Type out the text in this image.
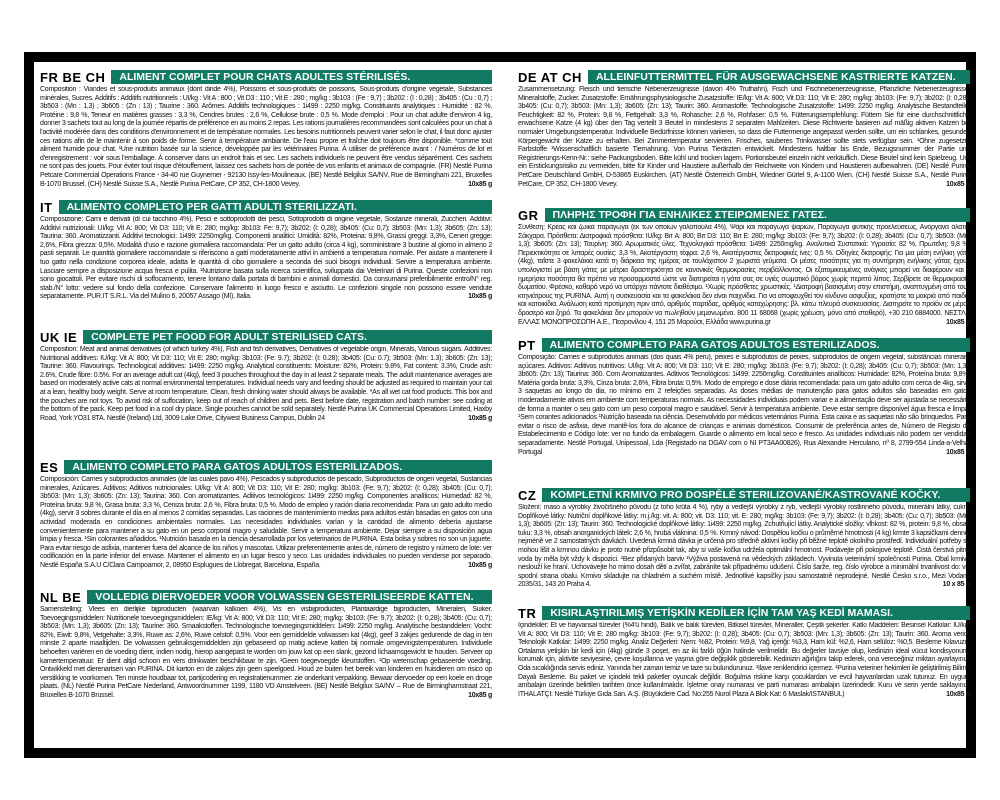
FR BE CH	ALIMENT COMPLET POUR CHATS ADULTES STÉRILISÉS.
Composition : Viandes et sous-produits animaux (dont dinde 4%), Poissons et sous-produits de poissons, Sous-produits d'origine végétale, Substances minérales, Sucres. Additifs : Additifs nutritionnels : UI/kg : Vit A : 800 ; Vit D3 : 110 ; Vit E : 280 ; mg/kg : 3b103 : (Fe : 9,7) ; 3b202 : (I : 0,28) ; 3b405 : (Cu : 0,7) ; 3b503 : (Mn : 1,3) ; 3b605 : (Zn : 13) ; Taurine : 360. Arômes. Additifs technologiques : 1i499 : 2250 mg/kg. Constituants analytiques : Humidité : 82 %, Protéine : 9,8 %, Teneur en matières grasses : 3,3 %, Cendres brutes : 2,6 %, Cellulose brute : 0,5 %. Mode d'emploi : Pour un chat adulte d'environ 4 kg, donner 3 sachets tout au long de la journée répartis de préférence en au moins 2 repas. Les rations journalières recommandées sont calculées pour un chat à l'activité modérée dans des conditions d'environnement et de température normales. Les besoins nutritionnels peuvent varier selon le chat, il faut donc ajuster ces rations afin de le maintenir à son poids de forme. Servir à température ambiante. De l'eau propre et fraîche doit toujours être disponible. *comme tout aliment humide pour chat. ¹Une nutrition basée sur la science, développée par les vétérinaires Purina. À utiliser de préférence avant : / Numéros de lot et d'enregistrement : voir sous l'emballage. À conserver dans un endroit frais et sec. Les sachets individuels ne peuvent être vendus séparément. Ces sachets ne sont pas des jouets. Pour éviter tout risque d'étouffement, laissez ces sachets hors de portée de vos enfants et animaux de compagnie. (FR) Nestlé Purina Petcare Commercial Operations France - 34-40 rue Guynemer - 92130 Issy-les-Moulineaux. (BE) Nestlé Belgilux SA/NV, Rue de Birmingham 221, Bruxelles B-1070 Brussel. (CH) Nestlé Suisse S.A., Nestlé Purina PetCare, CP 352, CH-1800 Vevey.	10x85 g
IT	ALIMENTO COMPLETO PER GATTI ADULTI STERILIZZATI.
Composizione: Carni e derivati (di cui tacchino 4%), Pesci e sottoprodotti dei pesci, Sottoprodotti di origine vegetale, Sostanze minerali, Zuccheri. Additivi: Additivi nutrizionali: UI/kg: Vit A: 800; Vit D3: 110; Vit E: 280; mg/kg: 3b103: Fe: 9,7); 3b202: (I: 0,28); 3b405: (Cu: 0,7); 3b503: (Mn: 1,3); 3b605: (Zn: 13); Taurina: 360. Aromatizzanti. Additivi tecnologici: 1i499: 2250mg/kg. Componenti analitici: Umidità: 82%, Proteina: 9,8%, Grassi greggi: 3,3%, Ceneri gregge: 2,6%, Fibra grezza: 0,5%. Modalità d'uso e razione giornaliera raccomandata: Per un gatto adulto (circa 4 kg), somministrare 3 bustine al giorno in almeno 2 pasti separati. Le quantità giornaliere raccomandate si riferiscono a gatti moderatamente attivi in ambienti a temperatura normale. Per aiutare a mantenere il tuo gatto nella condizione corporea ideale, adatta le quantità di cibo giornaliere a seconda dei suoi bisogni individuali. Servire a temperatura ambiente. Lasciare sempre a disposizione acqua fresca e pulita. ¹Nutrizione basata sulla ricerca scientifica, sviluppata dai Veterinari di Purina. Queste confezioni non sono giocattoli. Per evitare rischi di soffocamento, tenere lontano dalla portata di bambini e animali domestici. Da consumarsi preferibilmente entro/N° reg. stab./N° lotto: vedere sul fondo della confezione. Conservare l'alimento in luogo fresco e asciutto. Le confezioni singole non possono essere vendute separatamente. PUR.IT S.R.L. Via del Mulino 6, 20057 Assago (MI), Italia.	10x85 g
UK IE	COMPLETE PET FOOD FOR ADULT STERILISED CATS.
Composition: Meat and animal derivatives (of which turkey 4%), Fish and fish derivatives, Derivatives of vegetable origin, Minerals, Various sugars. Additives: Nutritional additives: IU/kg: Vit A: 800; Vit D3: 110; Vit E: 280; mg/kg: 3b103: (Fe: 9.7); 3b202: (I: 0.28); 3b405: (Cu: 0.7); 3b503: (Mn: 1.3); 3b605: (Zn: 13); Taurine: 360. Flavourings. Technological additives: 1i499: 2250 mg/kg. Analytical constituents: Moisture: 82%, Protein: 9.8%, Fat content: 3.3%, Crude ash: 2.6%, Crude fibre: 0.5%. For an average adult cat (4kg), feed 3 pouches throughout the day in at least 2 separate meals. The adult maintenance averages are based on moderately active cats at normal environmental temperatures. Individual needs vary and feeding should be adjusted as required to maintain your cat at a lean, healthy body weight. Serve at room temperature. Clean, fresh drinking water should always be available. *As all wet cat food products. This box and the pouches are not toys. To avoid risk of suffocation, keep out of reach of children and pets. Best before date, registration and batch number: see coding at the bottom of the pack. Keep pet food in a cool dry place. Single pouches cannot be sold separately. Nestlé Purina UK Commercial Operations Limited, Haxby Road, York YO31 8TA. Nestlé (Ireland) Ltd, 3009 Lake Drive, Citywest Business Campus, Dublin 24	10x85 g
ES	ALIMENTO COMPLETO PARA GATOS ADULTOS ESTERILIZADOS.
Composición: Carnes y subproductos animales (de las cuales pavo 4%), Pescados y subproductos de pescado, Subproductos de origen vegetal, Sustancias minerales, Azúcares. Aditivos: Aditivos nutricionales: UI/kg: Vit A: 800; Vit D3: 110; Vit E: 280; mg/kg: 3b103: (Fe: 9,7); 3b202: (I: 0,28); 3b405: (Cu: 0,7); 3b503: (Mn: 1,3); 3b605: (Zn: 13); Taurina: 360. Con aromatizantes. Aditivos tecnológicos: 1i499: 2250 mg/kg. Componentes analíticos: Humedad: 82 %, Proteína bruta: 9,8 %, Grasa bruta: 3,3 %, Ceniza bruta: 2,6 %, Fibra bruta: 0,5 %. Modo de empleo y ración diaria recomendada: Para un gato adulto medio (4kg), servir 3 sobres durante el día en al menos 2 comidas separadas. Las raciones de mantenimiento medias para adultos están basadas en gatos con una actividad moderada en condiciones ambientales normales. Las necesidades individuales varían y la cantidad de alimento debería ajustarse convenientemente para mantener a su gato en un peso corporal magro y saludable. Servir a temperatura ambiente. Dejar siempre a su disposición agua limpia y fresca. ¹Sin colorantes añadidos. ¹Nutrición basada en la ciencia desarrollada por los veterinarios de PURINA. Esta bolsa y sobres no son un juguete. Para evitar riesgo de asfixia, mantener fuera del alcance de los niños y mascotas. Utilizar preferentemente antes de, número de registro y número de lote: ver codificación en la parte inferior del envase. Mantener el alimento en un lugar fresco y seco. Las unidades individuales no pueden venderse por separado. Nestlé España S.A.U C/Clara Campoamor, 2, 08950 Esplugues de Llobregat, Barcelona, España.	10x85 g
NL BE	VOLLEDIG DIERVOEDER VOOR VOLWASSEN GESTERILISEERDE KATTEN.
Samenstelling: Vlees en dierlijke bijproducten (waarvan kalkoen 4%), Vis en visbijproducten, Plantaardige bijproducten, Mineralen, Suiker. Toevoegingsmiddelen: Nutritionele toevoegingsmiddelen: IE/kg: Vit A: 800; Vit D3: 110; Vit E: 280; mg/kg: 3b103: (Fe: 9,7); 3b202: (I: 0,28); 3b405: (Cu: 0,7); 3b503: (Mn: 1,3); 3b605: (Zn: 13); Taurine: 360. Smaakstoffen. Technologische toevoegingsmiddelen: 1i499: 2250 mg/kg. Analytische bestanddelen: Vocht: 82%, Eiwit: 9,8%, Vetgehalte: 3,3%, Ruwe as: 2,6%, Ruwe celstof: 0,5%. Voor een gemiddelde volwassen kat (4kg), geef 3 zakjes gedurende de dag in ten minste 2 aparte maaltijden. De volwassen gebruiksgemiddelden zijn gebaseerd op matig actieve katten bij normale omgevingstemperaturen. Individuele behoeften variëren en de voeding dient, indien nodig, hierop aangepast te worden om jouw kat op een slank, gezond lichaamsgewicht te houden. Serveer op kamertemperatuur. Er dient altijd schoon en vers drinkwater beschikbaar te zijn. ¹Geen toegevoegde kleurstoffen. ¹Op wetenschap gebaseerde voeding. Ontwikkeld met dierenartsen van PURINA. Dit karton en de zakjes zijn geen speelgoed. Houd ze buiten het bereik van kinderen en huisdieren om risico op verstikking te voorkomen. Ten minste houdbaar tot, partijcodering en registratienummer: zie onderkant verpakking. Bewaar diervoeder op een koele en droge plaats. (NL) Nestlé Purina PetCare Nederland, Antwoordnummer 1199, 1180 VD Amstelveen. (BE) Nestlé Belgilux SA/NV – Rue de Birminghamstraat 221, Bruxelles B-1070 Brussel.	10x85 g
DE AT CH	ALLEINFUTTERMITTEL FÜR AUSGEWACHSENE KASTRIERTE KATZEN.
Zusammensetzung: Fleisch und tierische Nebenerzeugnisse (davon 4% Truthahn), Fisch und Fischnebenerzeugnisse, Pflanzliche Nebenerzeugnisse, Mineralstoffe, Zucker. Zusatzstoffe: Ernährungsphysiologische Zusatzstoffe: IE/kg: Vit A: 800; Vit D3: 110; Vit E: 280; mg/kg: 3b103: (Fe: 9,7); 3b202: (I: 0,28); 3b405: (Cu: 0,7); 3b503: (Mn: 1,3); 3b605: (Zn: 13); Taurin: 360. Aromastoffe. Technologische Zusatzstoffe: 1i499: 2250 mg/kg. Analytische Bestandteile: Feuchtigkeit: 82 %, Protein: 9,8 %, Fettgehalt: 3,3 %, Rohasche: 2,6 %, Rohfaser: 0,5 %. Fütterungsempfehlung: Füttern Sie für eine durchschnittliche erwachsene Katze (4 kg) über den Tag verteilt 3 Beutel in mindestens 2 separaten Mahlzeiten. Diese Richtwerte basieren auf mäßig aktiven Katzen bei normaler Umgebungstemperatur. Individuelle Bedürfnisse können variieren, so dass die Futtermenge angepasst werden sollte, um ein schlankes, gesundes Körpergewicht der Katze zu erhalten. Bei Zimmertemperatur servieren. Frisches, sauberes Trinkwasser sollte stets verfügbar sein. ¹Ohne zugesetzte Farbstoffe ¹Wissenschaftlich basierte Tiernahrung. Von Purina Tierärzten entwickelt. Mindestens haltbar bis Ende, Bezugsnummer der Partie und Registrierungs-Kenn-Nr.: siehe Packungsboden. Bitte kühl und trocken lagern. Portionsbeutel einzeln nicht verkäuflich. Diese Beutel sind kein Spielzeug. Um ein Erstickungsrisiko zu vermeiden, bitte für Kinder und Haustiere außerhalb der Reichweite von Kindern und Haustieren aufbewahren. (DE) Nestlé Purina PetCare Deutschland GmbH, D-53865 Euskirchen. (AT) Nestlé Österreich GmbH, Wiedner Gürtel 9, A-1100 Wien. (CH) Nestlé Suisse S.A., Nestlé Purina PetCare, CP 352, CH-1800 Vevey.	10x85 g
GR	ΠΛΗΡΗΣ ΤΡΟΦΗ ΓΙΑ ΕΝΗΛΙΚΕΣ ΣΤΕΙΡΩΜΕΝΕΣ ΓΑΤΕΣ.
Σύνθεση: Κρέας και ζωικά παράγωγα (εκ των οποίων γαλοπούλα 4%), Ψάρι και παράγωγα ψαριών, Παράγωγα φυτικής προελεύσεως, Ανόργανα άλατα, Σάκχαρα. Πρόσθετα: Διατροφικά πρόσθετα: IU/kg: Βιτ A: 800; Βιτ D3: 110; Βιτ E: 280; mg/kg: 3b103: (Fe: 9,7); 3b202: (I: 0,28); 3b405: (Cu: 0,7); 3b503: (Mn: 1,3); 3b605: (Zn: 13); Ταυρίνη: 360. Αρωματικές ύλες. Τεχνολογικά πρόσθετα: 1i499: 2250mg/kg. Αναλυτικά Συστατικά: Υγρασία: 82 %, Πρωτεΐνη: 9,8 %, Περιεκτικότητα σε λιπαρές ουσίες: 3,3 %, Ακατέργαστη τέφρα: 2,6 %, Ακατέργαστες διατροφικές ίνες: 0,5 %. Οδηγίες διατροφής: Για μια μέση ενήλικη γάτα (4kg), ταΐστε 3 φακελάκια κατά τη διάρκεια της ημέρας σε τουλάχιστον 2 χωριστά γεύματα. Οι μέσες ποσότητες για τη συντήρηση ενήλικης γάτας έχουν υπολογιστεί με βάση γάτες με μέτρια δραστηριότητα σε κανονικές θερμοκρασίες περιβάλλοντος. Οι εξατομικευμένες ανάγκες μπορεί να διαφέρουν και η ημερήσια ποσότητα θα πρέπει να προσαρμοστεί ώστε να διατηρείται η γάτα σας σε υγιές σωματικό βάρος χωρίς περιττό λίπος. Σερβίρετε σε θερμοκρασία δωματίου. Φρέσκο, καθαρό νερό να υπάρχει πάντοτε διαθέσιμο. ¹Χωρίς πρόσθετες χρωστικές. ¹Διατροφή βασισμένη στην επιστήμη, αναπτυγμένη από τους κτηνιάτρους της PURINA. Αυτή η συσκευασία και τα φακελάκια δεν είναι παιχνίδια. Για να αποφευχθεί τον κίνδυνο ασφυξίας, κρατήστε τα μακριά από παιδιά και κατοικίδια. Ανάλωση κατά προτίμηση πριν από, αριθμός παρτίδας, αριθμός καταχώρησης: βλ. κάτω πλευρά συσκευασίας. Διατηρείτε το προϊόν σε μέρος δροσερό και ξηρό. Τα φακελάκια δεν μπορούν να πωληθούν μεμονωμένα. 800 11 68068 (χωρίς χρέωση, μόνο από σταθερό), +30 210 6884000. ΝΕΣΤΛΕ ΕΛΛΑΣ ΜΟΝΟΠΡΟΣΩΠΗ Α.Ε., Πεσρονίλου 4, 151 25 Μαρούσι, Ελλάδα www.purina.gr	10x85 g
PT	ALIMENTO COMPLETO PARA GATOS ADULTOS ESTERILIZADOS.
Composição: Carnes e subprodutos animais (dos quais 4% peru), peixes e subprodutos de peixes, subprodutos de origem vegetal, substâncias minerais, açúcares. Aditivos: Aditivos nutritivos: UI/kg: Vit A: 800; Vit D3: 110; Vit E: 280; mg/kg: 3b103: (Fe: 9,7); 3b202: (I: 0,28); 3b405: (Cu: 0,7); 3b503: (Mn: 1,3); 3b605: (Zn: 13); Taurina: 360. Com Aromatizantes. Aditivos Tecnológicos: 1i499: 2250mg/kg. Constituintes analíticos: Humidade: 82%, Proteína bruta: 9,8%, Matéria gorda bruta: 3,3%, Cinza bruta: 2,6%, Fibra bruta: 0,5%. Modo de emprego e dose diária recomendada: para um gato adulto com cerca de 4kg, sirva 3 saquetas ao longo do dia, no mínimo em 2 refeições separadas. As doses médias de manutenção para gatos adultos são baseadas em gatos moderadamente ativos em ambiente com temperaturas normais. As necessidades individuais podem variar e a alimentação deve ser ajustada se necessário de forma a manter o seu gato com um peso corporal magro e saudável. Servir à temperatura ambiente. Deve estar sempre disponível água fresca e limpa. ¹Sem corantes adicionados ¹Nutrição baseada na ciência. Desenvolvido por médicos veterinários Purina. Esta caixa e as saquetas não são brinquedos. Para evitar o risco de asfixia, deve mantê-los fora do alcance de crianças e animais domésticos. Consumir de preferência antes de, Número de Registo do Estabelecimento e Código lote: ver no fundo da embalagem. Guarde o alimento em local seco e fresco. As unidades individuais não podem ser vendidas separadamente. Nestlé Portugal, Unipessoal, Lda (Registado na DGAV com o NI PT3AA00826), Rua Alexandre Herculano, nº 8, 2799-554 Linda-a-Velha, Portugal	10x85 g
CZ	KOMPLETNÍ KRMIVO PRO DOSPĚLÉ STERILIZOVANÉ/KASTROVANÉ KOČKY.
Složení: maso a výrobky živočišného původu (z toho krůta 4 %), ryby a vedlejší výrobky z ryb, vedlejší výrobky rostlinného původu, minerální látky, cukry. Doplňkové látky: Nutriční doplňkové látky: m.j./kg: vit. A: 800; vit. D3: 110; vit. E: 280; mg/kg: 3b103: (Fe: 9,7); 3b202: (I: 0,28); 3b405: (Cu: 0,7); 3b503: (Mn: 1,3); 3b605: (Zn: 13); Taurin: 360. Technologické doplňkové látky: 1i499: 2250 mg/kg. Zchutňující látky. Analytické složky: vlhkost: 82 %, protein: 9,8 %, obsah tuku: 3,3 %, obsah anorganických látek: 2,6 %, hrubá vláknina: 0,5 %. Krmný návod: Dospělou kočku o průměrné hmotnosti (4 kg) krmte 3 kapsičkami denně, nejméně ve 2 samostatných dávkách. Uvedená krmná dávka je určená pro středně aktivní kočky při běžné teplotě okolního prostředí. Individuální potřeby se mohou lišit a krmnou dávku je proto nutné přizpůsobit tak, aby si vaše kočka udržela optimální hmotnost. Podávejte při pokojové teplotě. Čistá čerstvá pitná voda by měla být vždy k dispozici. ¹Bez přidaných barviv ¹Výživa postavená na vědeckých základech. Vyvinuta veterinární společnosti Purina. Obal krmiva neslouží ke hraní. Uchovávejte ho mimo dosah dětí a zvířat, zabráníte tak případnému udušení. Číslo šarže, reg. číslo výrobce a minimální trvanlivost do: viz spodní strana obalu. Krmivo skladujte na chladném a suchém místě. Jednotlivé kapsičky jsou samostatně neprodejné. Nestlé Česko s.r.o., Mezi Vodami 2035/31, 143 20 Praha 4.	10 x 85 g
TR	KISIRLAŞTIRILMIŞ YETİŞKİN KEDİLER İÇİN TAM YAŞ KEDİ MAMASI.
İçindekiler: Et ve hayvansal türevler (%4'ü hindi), Balık ve balık türevleri, Bitkisel türevler, Mineraller, Çeşitli şekerler. Katkı Maddeleri: Besinsel Katkılar: IU/kg: Vit A: 800; Vit D3: 110; Vit E: 280 mg/kg: 3b103: (Fe: 9,7); 3b202: (I: 0,28); 3b405: (Cu: 0,7); 3b503: (Mn: 1,3); 3b605: (Zn: 13); Taurin: 360. Aroma verici. Teknolojik Katkılar: 1i499: 2250 mg/kg. Analiz Değerleri: Nem: %82, Protein: %9,8, Yağ içeriği: %3,3, Ham kül: %2,6, Ham selüloz: %0,5. Besleme Kılavuzu: Ortalama yetişkin bir kedi için (4kg) günde 3 poşet, en az iki farklı öğün halinde verilmelidir. Bu değerler tavsiye olup, kedinizin ideal vücut kondisyonunu korumak için, aktivite seviyesine, çevre koşullarına ve yaşına göre değişiklik gösterebilir. Kedinizin ağırlığını takip ederek, ona vereceğiniz miktarı ayarlayınız. Oda sıcaklığında servis ediniz. Yanında her zaman temiz ve taze su bulundurunuz. ¹Ilave renklendirici içermez. ¹Purina veteriner hekimleri ile geliştirilmiş Bilime Dayalı Besleme. Bu paket ve içindeki tekli paketler oyuncak değildir. Boğulma riskine karşı çocuklardan ve evcil hayvanlardan uzak tutunuz. En uygun, ambalajın üzerinde belirtilen tarihten önce kullanılmalıdır. İşletme onay numarası ve parti numarası ambalajın üzerindedir. Kuru ve serin yerde saklayınız. ITHALATÇI: Nestlé Türkiye Gıda San. A.Ş. (Büyükdere Cad. No:255 Nurol Plaza A Blok Kat: 6 Maslak/ISTANBUL)	10x85 g
